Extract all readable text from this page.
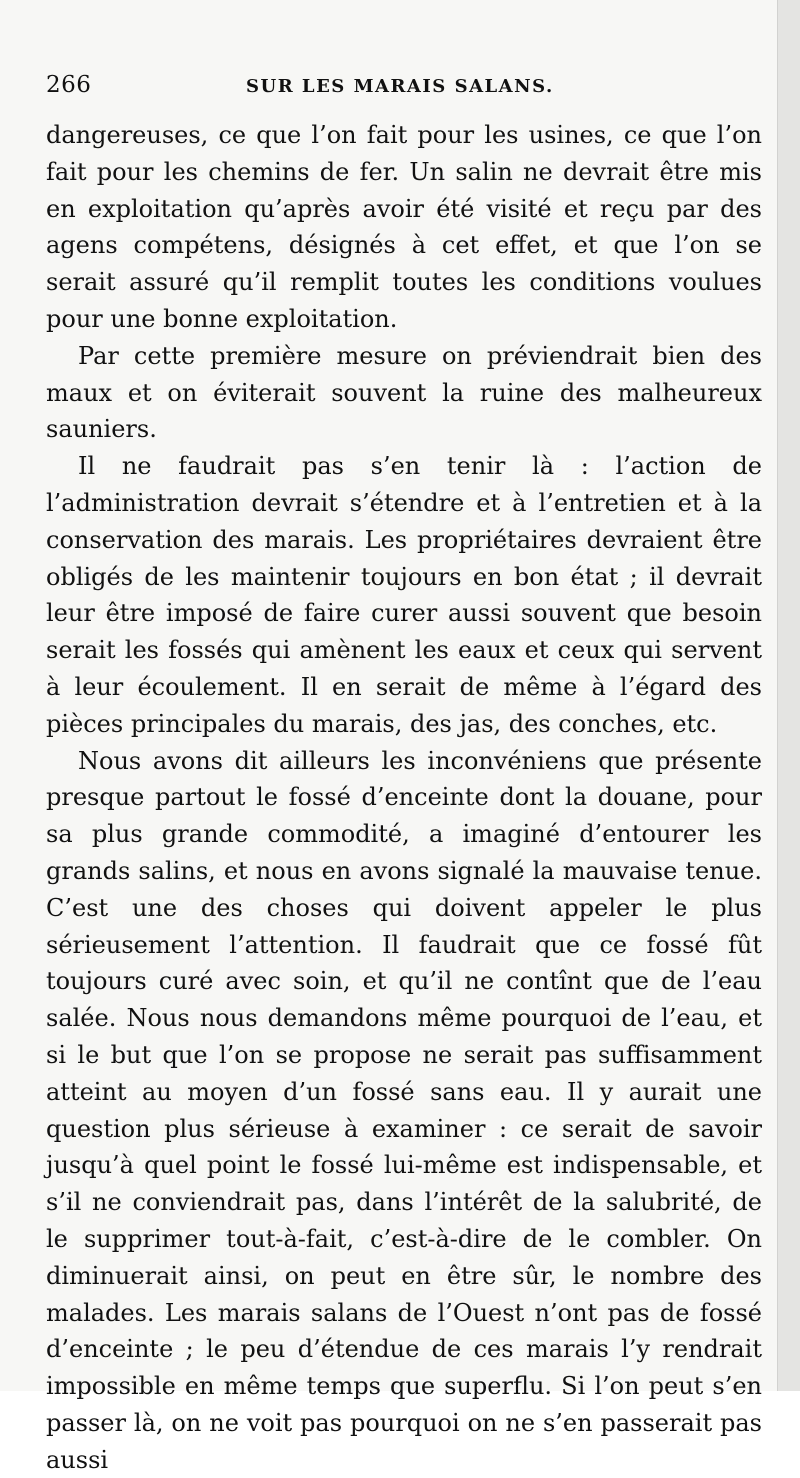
266	SUR LES MARAIS SALANS.

dangereuses, ce que l’on fait pour les usines, ce que l’on fait pour les chemins de fer. Un salin ne devrait être mis en exploitation qu’après avoir été visité et reçu par des agens compétens, désignés à cet effet, et que l’on se serait assuré qu’il remplit toutes les conditions voulues pour une bonne exploitation.

Par cette première mesure on préviendrait bien des maux et on éviterait souvent la ruine des malheureux sauniers.

Il ne faudrait pas s’en tenir là : l’action de l’administration devrait s’étendre et à l’entretien et à la conservation des marais. Les propriétaires devraient être obligés de les maintenir toujours en bon état ; il devrait leur être imposé de faire curer aussi souvent que besoin serait les fossés qui amènent les eaux et ceux qui servent à leur écoulement. Il en serait de même à l’égard des pièces principales du marais, des jas, des conches, etc.

Nous avons dit ailleurs les inconvéniens que présente presque partout le fossé d’enceinte dont la douane, pour sa plus grande commodité, a imaginé d’entourer les grands salins, et nous en avons signalé la mauvaise tenue. C’est une des choses qui doivent appeler le plus sérieusement l’attention. Il faudrait que ce fossé fût toujours curé avec soin, et qu’il ne contînt que de l’eau salée. Nous nous demandons même pourquoi de l’eau, et si le but que l’on se propose ne serait pas suffisamment atteint au moyen d’un fossé sans eau. Il y aurait une question plus sérieuse à examiner : ce serait de savoir jusqu’à quel point le fossé lui-même est indispensable, et s’il ne conviendrait pas, dans l’intérêt de la salubrité, de le supprimer tout-à-fait, c’est-à-dire de le combler. On diminuerait ainsi, on peut en être sûr, le nombre des malades. Les marais salans de l’Ouest n’ont pas de fossé d’enceinte ; le peu d’étendue de ces marais l’y rendrait impossible en même temps que superflu. Si l’on peut s’en passer là, on ne voit pas pourquoi on ne s’en passerait pas aussi
